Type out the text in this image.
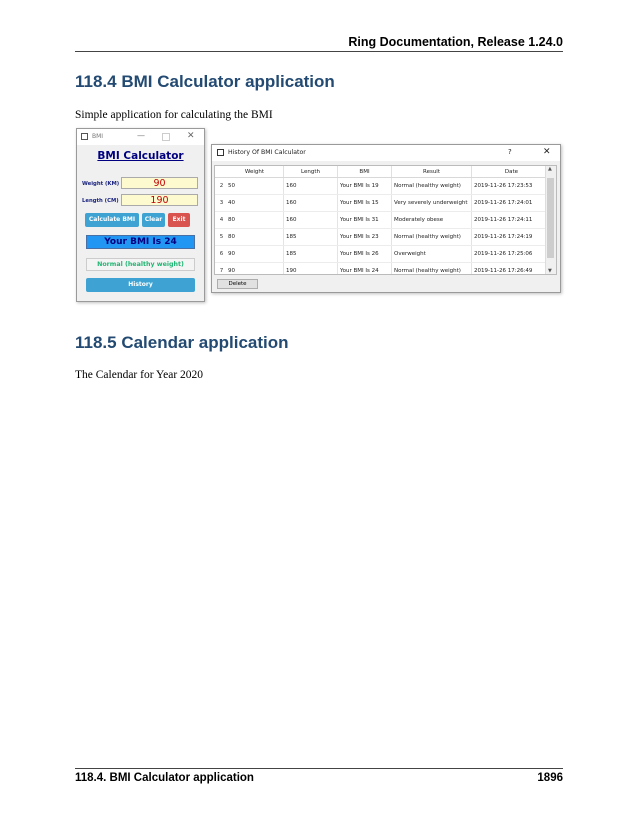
Ring Documentation, Release 1.24.0
118.4 BMI Calculator application

Simple application for calculating the BMI

BMI	—	✕
BMI Calculator
Weight (KM)	90
Length (CM)	190
Calculate BMI	Clear	Exit
Your BMI Is 24
Normal (healthy weight)
History
History Of BMI Calculator	?	✕
	Weight	Length	BMI	Result	Date
2	50	160	Your BMI Is 19	Normal (healthy weight)	2019-11-26 17:23:53
3	40	160	Your BMI Is 15	Very severely underweight	2019-11-26 17:24:01
4	80	160	Your BMI Is 31	Moderately obese	2019-11-26 17:24:11
5	80	185	Your BMI Is 23	Normal (healthy weight)	2019-11-26 17:24:19
6	90	185	Your BMI Is 26	Overweight	2019-11-26 17:25:06
7	90	190	Your BMI Is 24	Normal (healthy weight)	2019-11-26 17:26:49
▲
▼
Delete
118.5 Calendar application

The Calendar for Year 2020

118.4. BMI Calculator application	1896
